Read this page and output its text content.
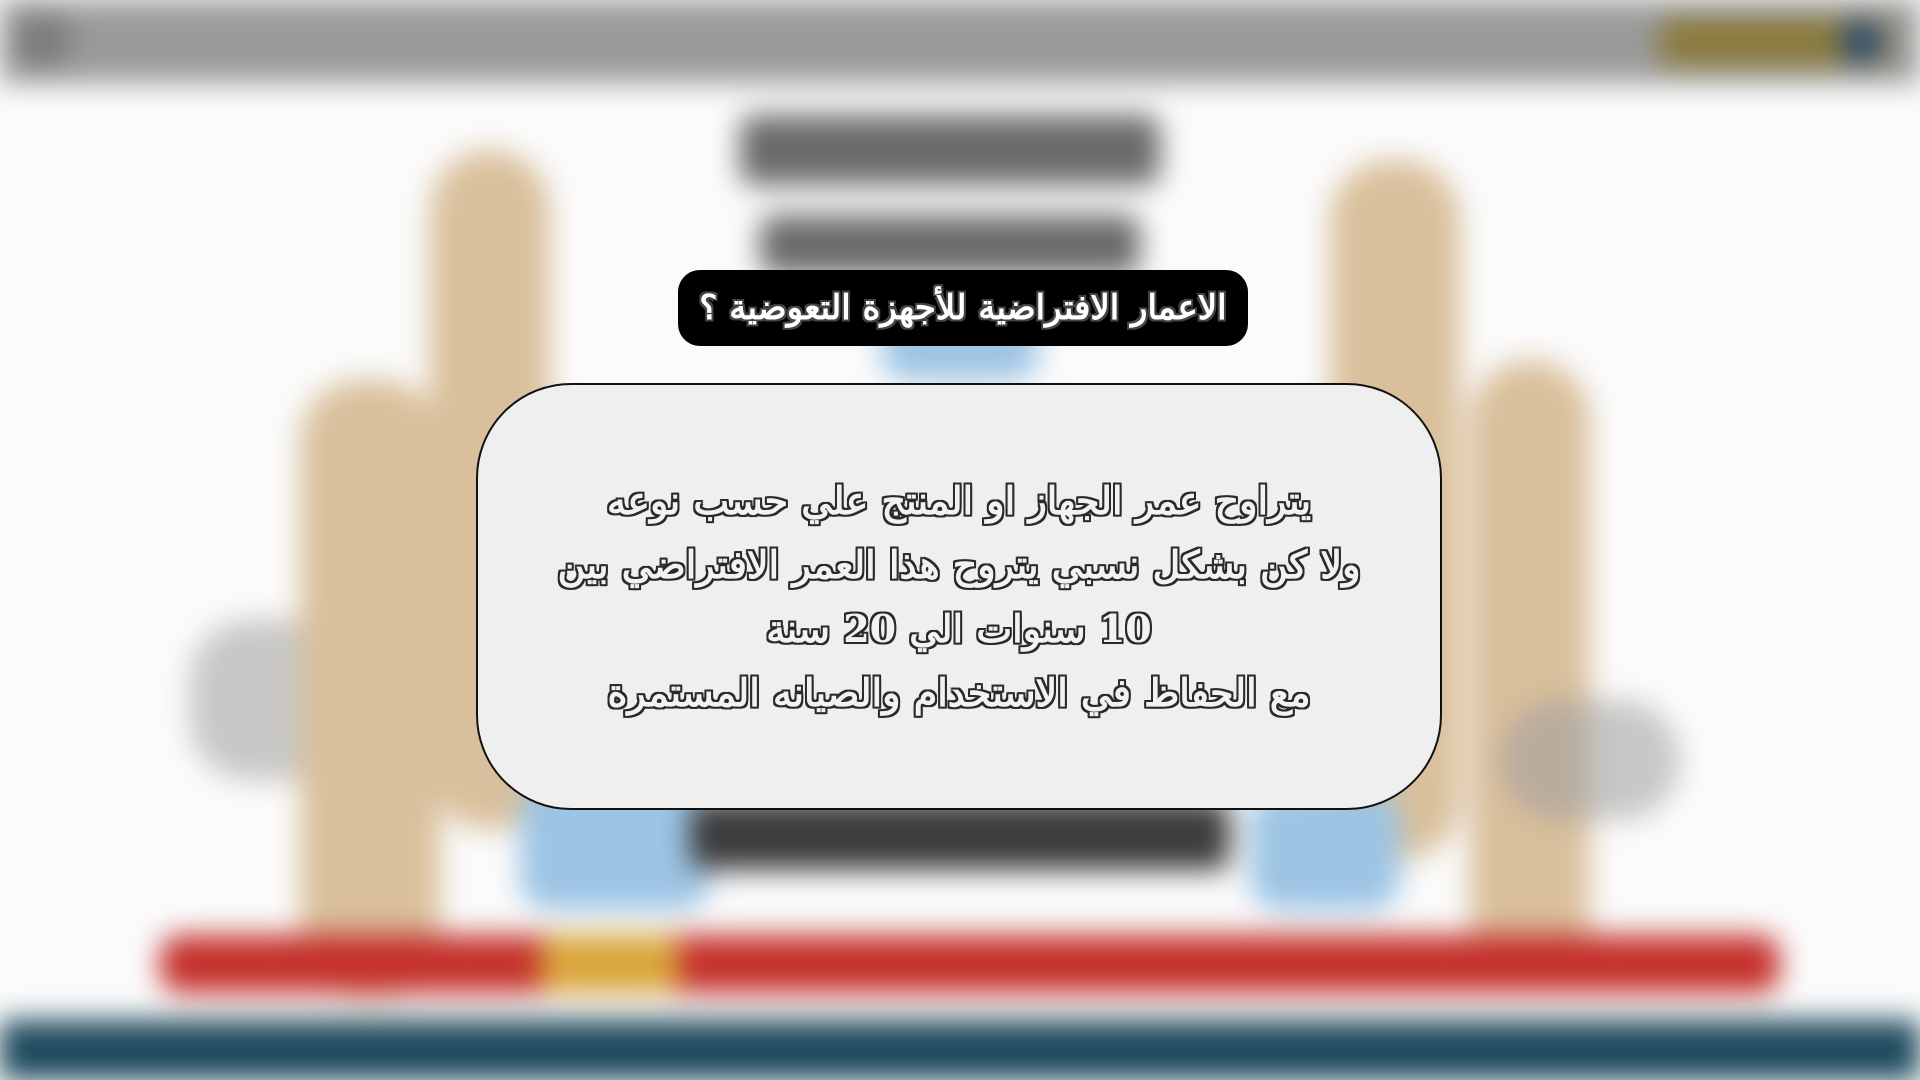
الاعمار الافتراضية للأجهزة التعوضية ؟
يتراوح عمر الجهاز او المنتج علي حسب نوعه
ولا كن بشكل نسبي يتروح هذا العمر الافتراضي بين
10 سنوات الي 20 سنة
مع الحفاظ في الاستخدام والصيانه المستمرة
